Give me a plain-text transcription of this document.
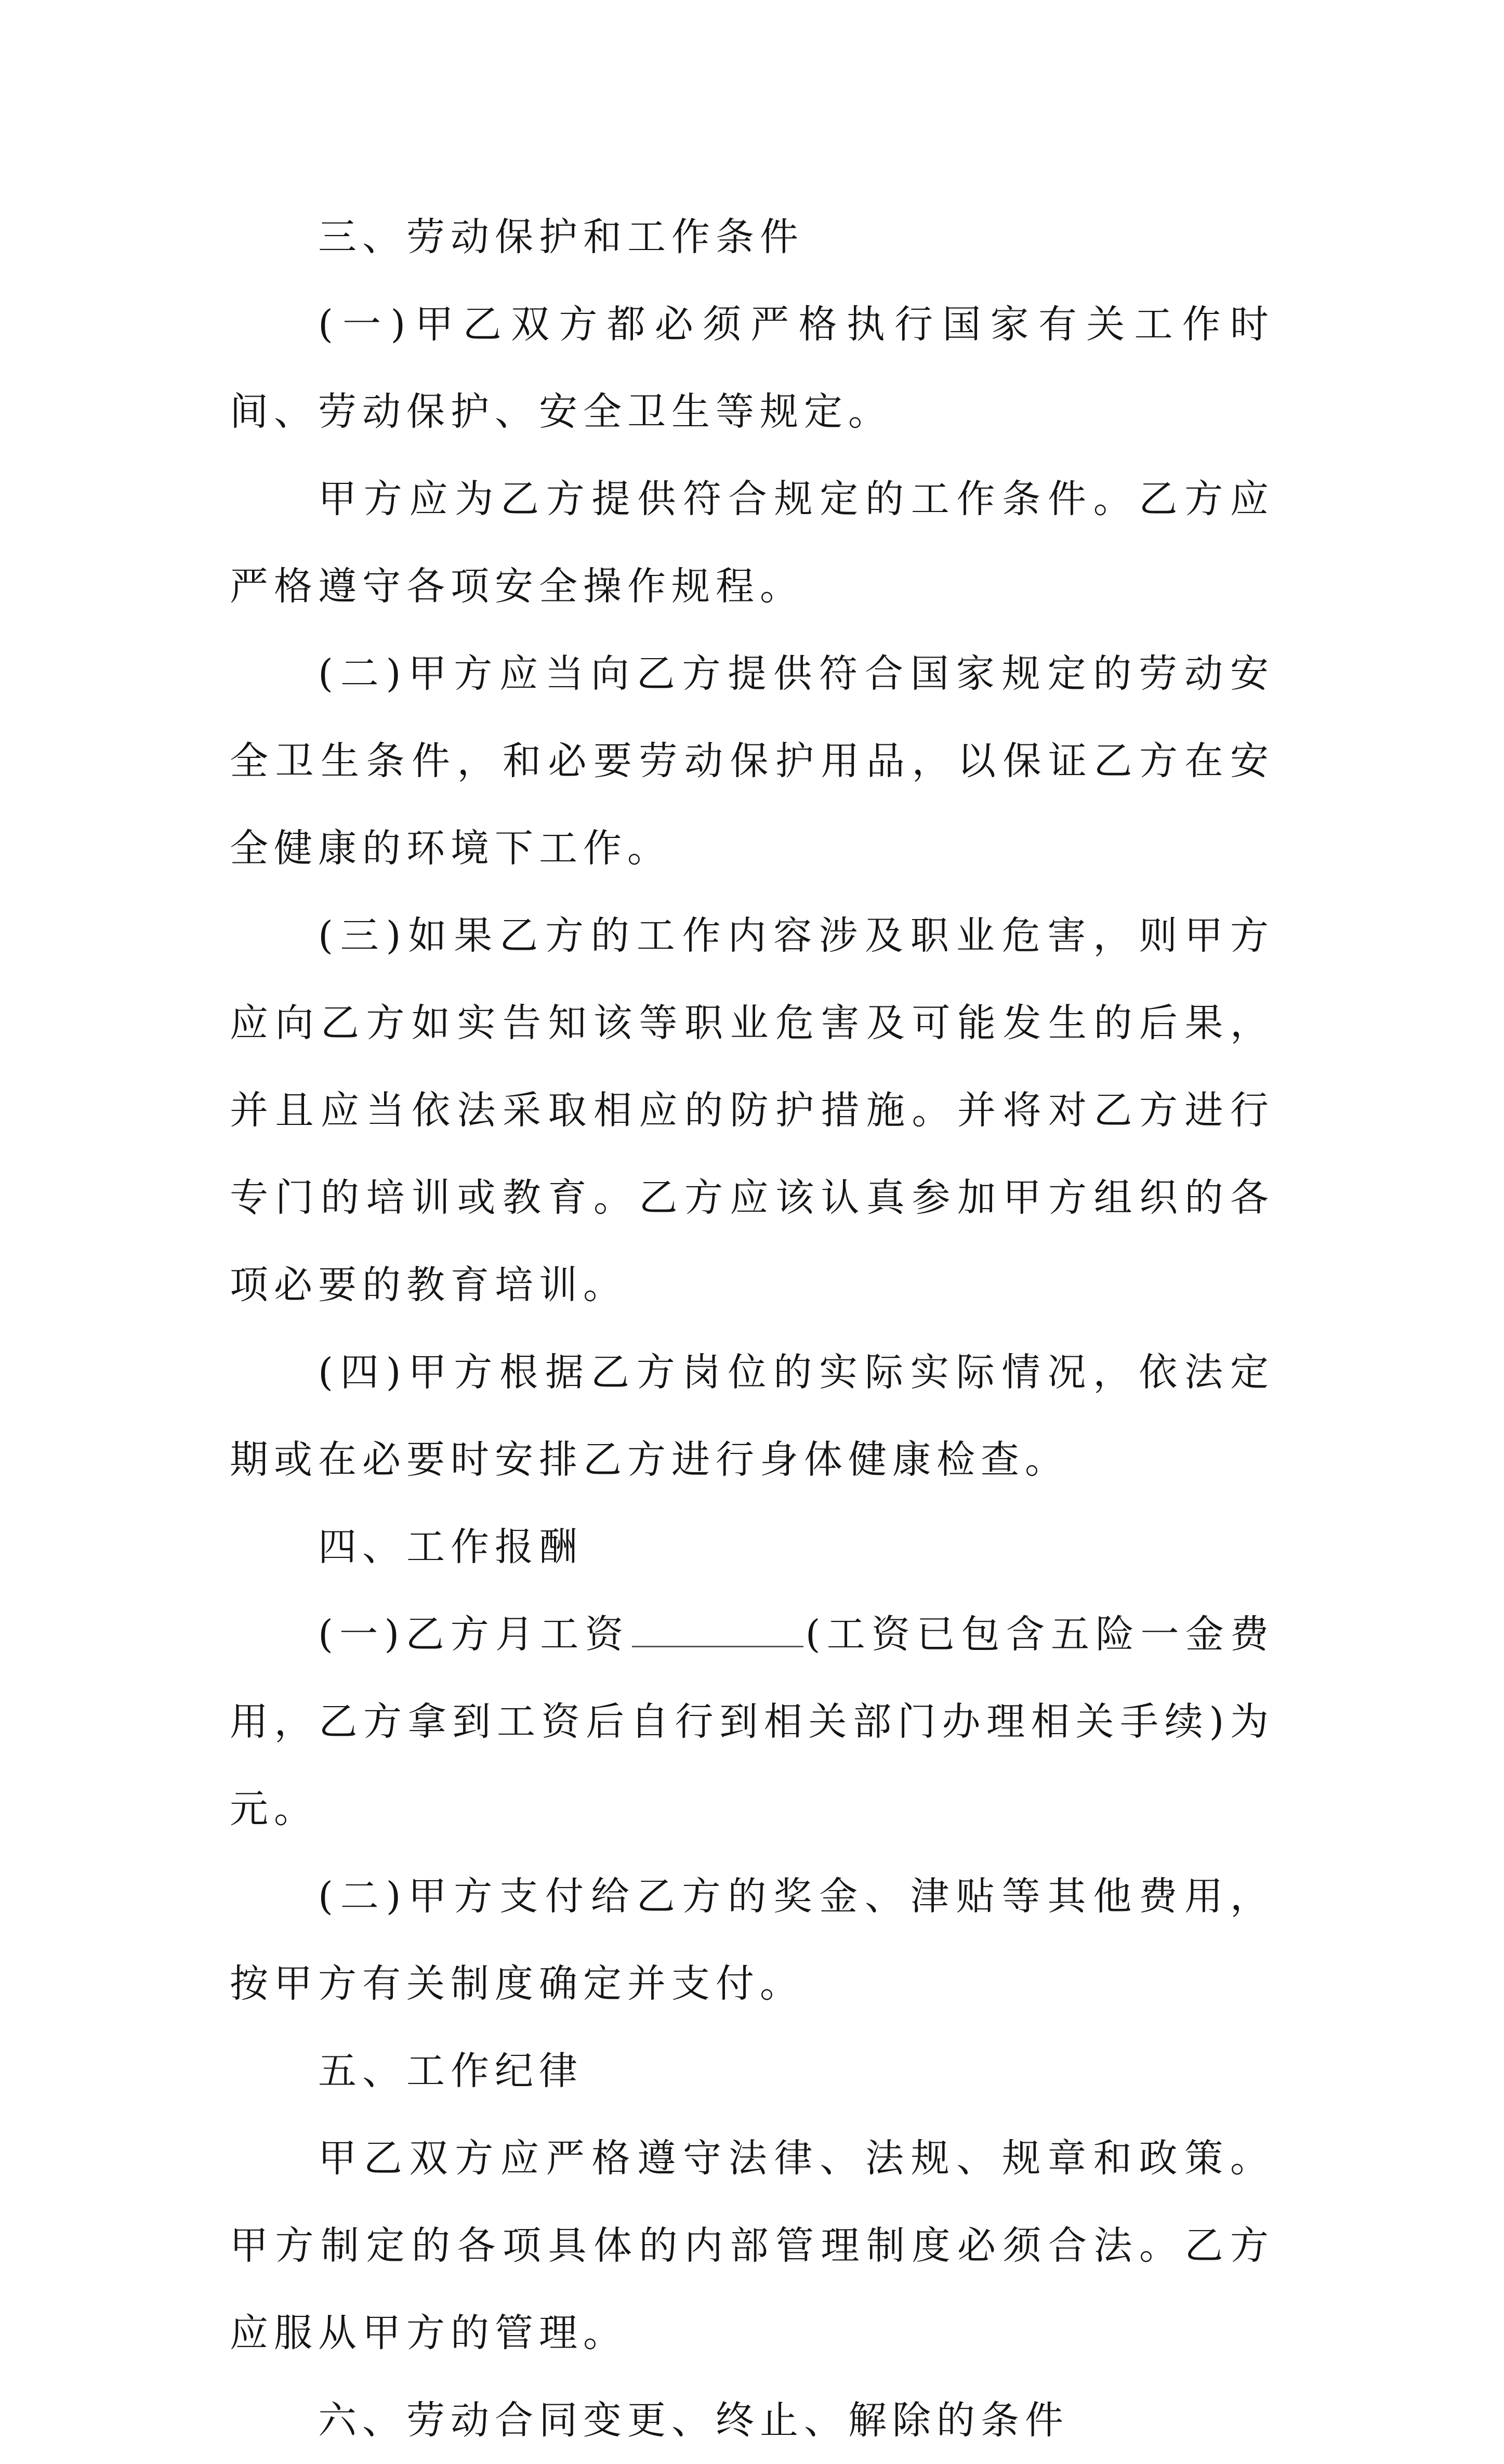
三、劳动保护和工作条件

(一)甲乙双方都必须严格执行国家有关工作时间、劳动保护、安全卫生等规定。

甲方应为乙方提供符合规定的工作条件。乙方应严格遵守各项安全操作规程。

(二)甲方应当向乙方提供符合国家规定的劳动安全卫生条件，和必要劳动保护用品，以保证乙方在安全健康的环境下工作。

(三)如果乙方的工作内容涉及职业危害，则甲方应向乙方如实告知该等职业危害及可能发生的后果，并且应当依法采取相应的防护措施。并将对乙方进行专门的培训或教育。乙方应该认真参加甲方组织的各项必要的教育培训。

(四)甲方根据乙方岗位的实际实际情况，依法定期或在必要时安排乙方进行身体健康检查。

四、工作报酬

(一)乙方月工资	(工资已包含五险一金费用，乙方拿到工资后自行到相关部门办理相关手续)为元。

(二)甲方支付给乙方的奖金、津贴等其他费用，按甲方有关制度确定并支付。

五、工作纪律

甲乙双方应严格遵守法律、法规、规章和政策。甲方制定的各项具体的内部管理制度必须合法。乙方应服从甲方的管理。

六、劳动合同变更、终止、解除的条件
